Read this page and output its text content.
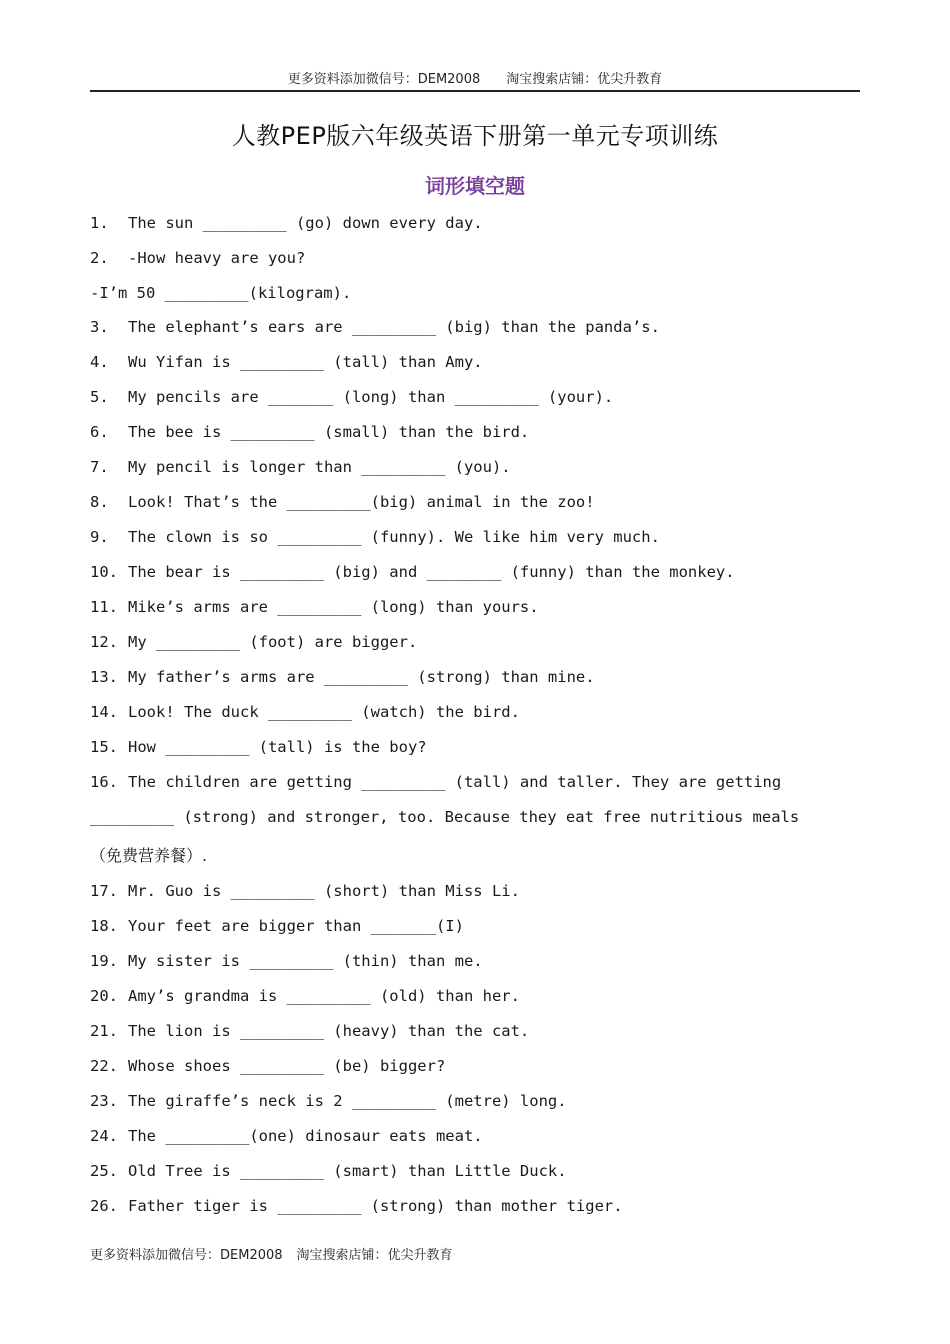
更多资料添加微信号：DEM2008 淘宝搜索店铺：优尖升教育
人教PEP版六年级英语下册第一单元专项训练
词形填空题
1. The sun _________ (go) down every day.
2. -How heavy are you?
-I’m 50 _________(kilogram).
3. The elephant’s ears are _________ (big) than the panda’s.
4. Wu Yifan is _________ (tall) than Amy.
5. My pencils are _______ (long) than _________ (your).
6. The bee is _________ (small) than the bird.
7. My pencil is longer than _________ (you).
8. Look! That’s the _________(big) animal in the zoo!
9. The clown is so _________ (funny). We like him very much.
10. The bear is _________ (big) and ________ (funny) than the monkey.
11. Mike’s arms are _________ (long) than yours.
12. My _________ (foot) are bigger.
13. My father’s arms are _________ (strong) than mine.
14. Look! The duck _________ (watch) the bird.
15. How _________ (tall) is the boy?
16. The children are getting _________ (tall) and taller. They are getting
_________ (strong) and stronger, too. Because they eat free nutritious meals
（免费营养餐）.
17. Mr. Guo is _________ (short) than Miss Li.
18. Your feet are bigger than _______(I)
19. My sister is _________ (thin) than me.
20. Amy’s grandma is _________ (old) than her.
21. The lion is _________ (heavy) than the cat.
22. Whose shoes _________ (be) bigger?
23. The giraffe’s neck is 2 _________ (metre) long.
24. The _________(one) dinosaur eats meat.
25. Old Tree is _________ (smart) than Little Duck.
26. Father tiger is _________ (strong) than mother tiger.
更多资料添加微信号：DEM2008 淘宝搜索店铺：优尖升教育
